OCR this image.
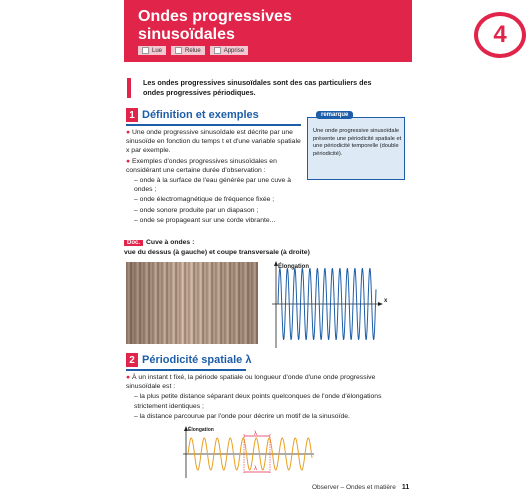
Ondes progressives sinusoïdales	4
Lue	Relue	Apprise
Les ondes progressives sinusoïdales sont des cas particuliers des ondes progressives périodiques.
1 Définition et exemples

● Une onde progressive sinusoïdale est décrite par une sinusoïde en fonction du temps t et d'une variable spatiale x par exemple.

● Exemples d'ondes progressives sinusoïdales en considérant une certaine durée d'observation :

– onde à la surface de l'eau générée par une cuve à ondes ;

– onde électromagnétique de fréquence fixée ;

– onde sonore produite par un diapason ;

– onde se propageant sur une corde vibrante...

remarque
Une onde progressive sinusoïdale présente une périodicité spatiale et une périodicité temporelle (double périodicité).
Doc. Cuve à ondes :
vue du dessus (à gauche) et coupe transversale (à droite)
Élongation
x
2 Périodicité spatiale λ

● À un instant t fixé, la période spatiale ou longueur d'onde d'une onde progressive sinusoïdale est :

– la plus petite distance séparant deux points quelconques de l'onde d'élongations strictement identiques ;

– la distance parcourue par l'onde pour décrire un motif de la sinusoïde.

Élongation
λ
λ
Observer – Ondes et matière 11
